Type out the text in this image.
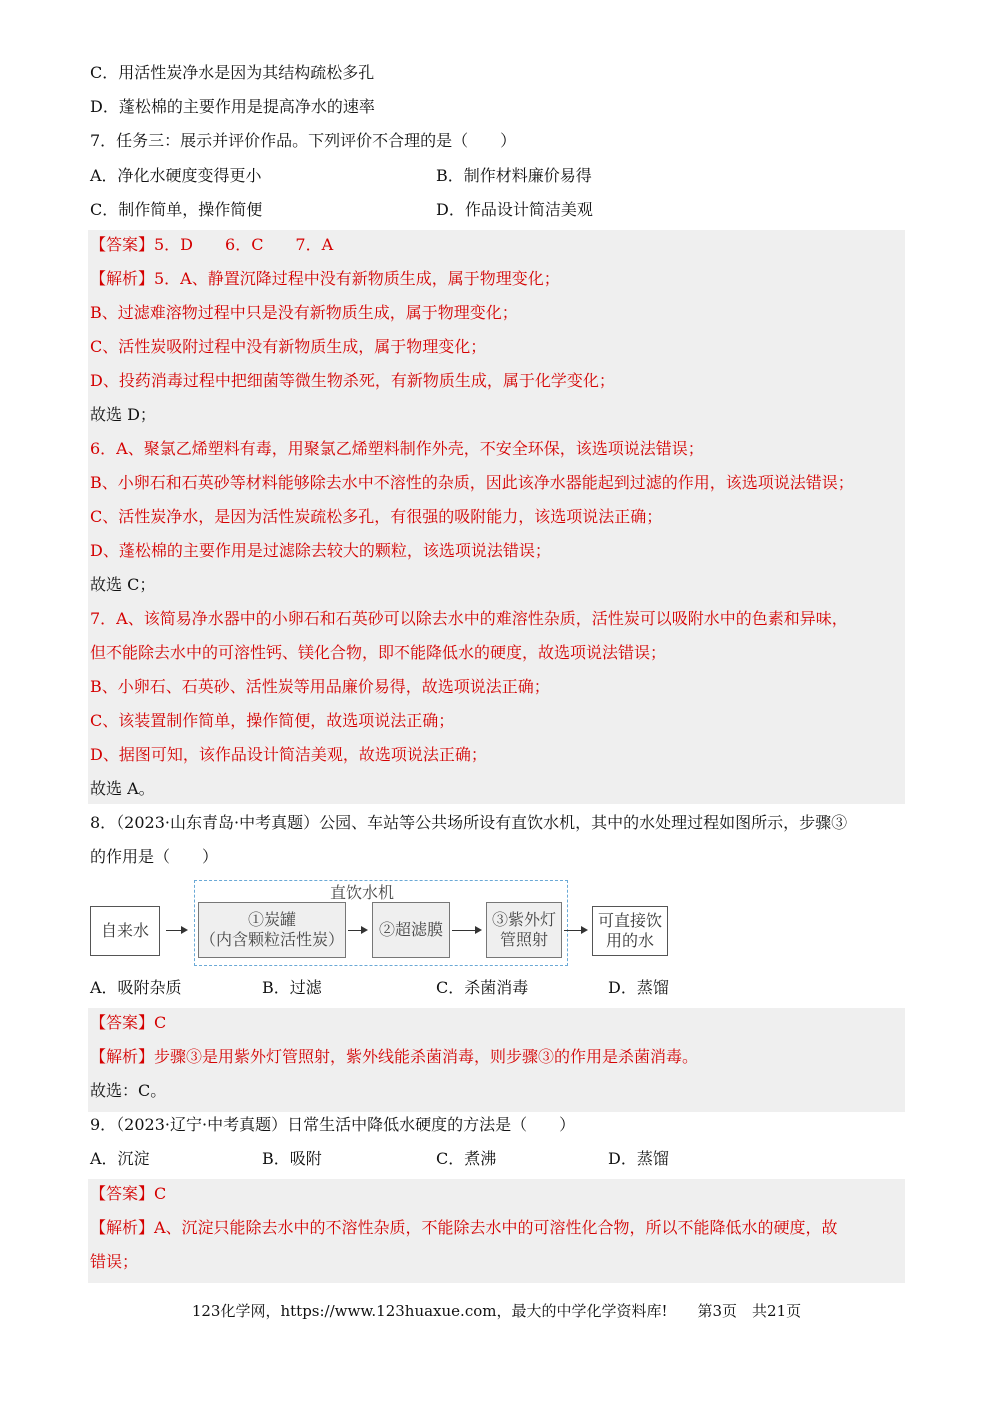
C．用活性炭净水是因为其结构疏松多孔
D．蓬松棉的主要作用是提高净水的速率
7．任务三：展示并评价作品。下列评价不合理的是（　　）
A．净化水硬度变得更小	B．制作材料廉价易得
C．制作简单，操作简便	D．作品设计简洁美观
【答案】5．D　　6．C　　7．A
【解析】5．A、静置沉降过程中没有新物质生成，属于物理变化；
B、过滤难溶物过程中只是没有新物质生成，属于物理变化；
C、活性炭吸附过程中没有新物质生成，属于物理变化；
D、投药消毒过程中把细菌等微生物杀死，有新物质生成，属于化学变化；
故选 D；
6．A、聚氯乙烯塑料有毒，用聚氯乙烯塑料制作外壳，不安全环保，该选项说法错误；
B、小卵石和石英砂等材料能够除去水中不溶性的杂质，因此该净水器能起到过滤的作用，该选项说法错误；
C、活性炭净水，是因为活性炭疏松多孔，有很强的吸附能力，该选项说法正确；
D、蓬松棉的主要作用是过滤除去较大的颗粒，该选项说法错误；
故选 C；
7．A、该简易净水器中的小卵石和石英砂可以除去水中的难溶性杂质，活性炭可以吸附水中的色素和异味，
但不能除去水中的可溶性钙、镁化合物，即不能降低水的硬度，故选项说法错误；
B、小卵石、石英砂、活性炭等用品廉价易得，故选项说法正确；
C、该装置制作简单，操作简便，故选项说法正确；
D、据图可知，该作品设计简洁美观，故选项说法正确；
故选 A。
8．（2023·山东青岛·中考真题）公园、车站等公共场所设有直饮水机，其中的水处理过程如图所示，步骤③
的作用是（　　）
直饮水机
自来水
①炭罐
（内含颗粒活性炭）
②超滤膜
③紫外灯
管照射
可直接饮
用的水
A．吸附杂质	B．过滤	C．杀菌消毒	D．蒸馏
【答案】C
【解析】步骤③是用紫外灯管照射，紫外线能杀菌消毒，则步骤③的作用是杀菌消毒。
故选：C。
9．（2023·辽宁·中考真题）日常生活中降低水硬度的方法是（　　）
A．沉淀	B．吸附	C．煮沸	D．蒸馏
【答案】C
【解析】A、沉淀只能除去水中的不溶性杂质，不能除去水中的可溶性化合物，所以不能降低水的硬度，故
错误；
123化学网，https://www.123huaxue.com，最大的中学化学资料库!　　第3页　共21页
